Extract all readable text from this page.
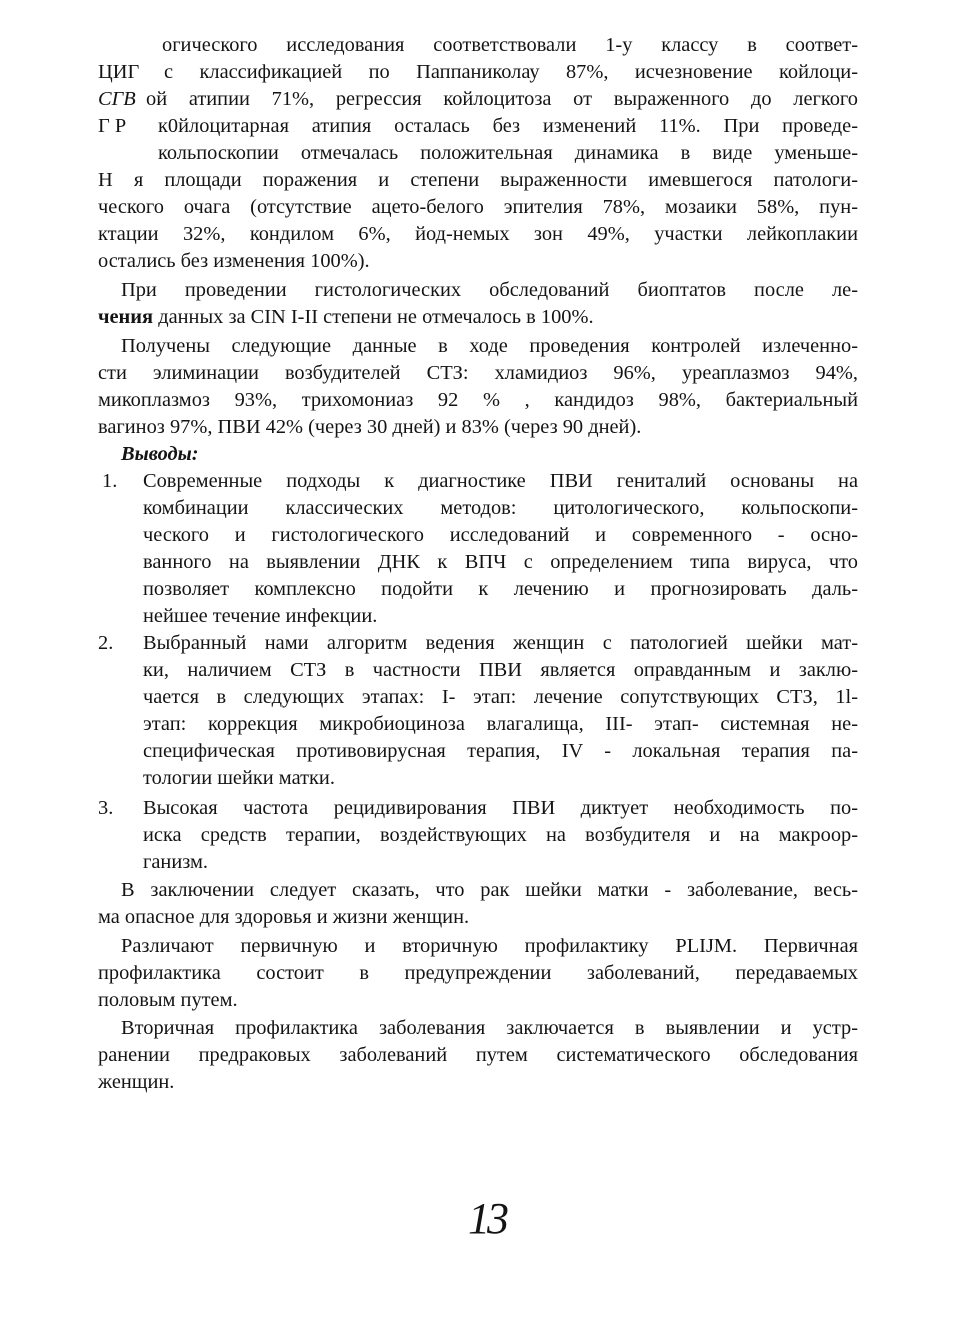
огического исследования соответствовали 1-у классу в соответ-
ЦИГ с классификацией по Паппаниколау 87%, исчезновение койлоци-
СГВ ой атипии 71%, регрессия койлоцитоза от выраженного до легкого
Г Р к0йлоцитарная атипия осталась без изменений 11%. При проведе-
кольпоскопии отмечалась положительная динамика в виде уменьше-
Н я площади поражения и степени выраженности имевшегося патологи-
ческого очага (отсутствие ацето-белого эпителия 78%, мозаики 58%, пун-
ктации 32%, кондилом 6%, йод-немых зон 49%, участки лейкоплакии
остались без изменения 100%).
При проведении гистологических обследований биоптатов после ле-
чения данных за CIN I-II степени не отмечалось в 100%.
Получены следующие данные в ходе проведения контролей излеченно-
сти элиминации возбудителей СТЗ: хламидиоз 96%, уреаплазмоз 94%,
микоплазмоз 93%, трихомониаз 92 % , кандидоз 98%, бактериальный
вагиноз 97%, ПВИ 42% (через 30 дней) и 83% (через 90 дней).
Выводы:
1. Современные подходы к диагностике ПВИ гениталий основаны на
комбинации классических методов: цитологического, кольпоскопи-
ческого и гистологического исследований и современного - осно-
ванного на выявлении ДНК к ВПЧ с определением типа вируса, что
позволяет комплексно подойти к лечению и прогнозировать даль-
нейшее течение инфекции.
2. Выбранный нами алгоритм ведения женщин с патологией шейки мат-
ки, наличием СТЗ в частности ПВИ является оправданным и заклю-
чается в следующих этапах: I- этап: лечение сопутствующих СТЗ, 1l-
этап: коррекция микробиоциноза влагалища, III- этап- системная не-
специфическая противовирусная терапия, IV - локальная терапия па-
тологии шейки матки.
3. Высокая частота рецидивирования ПВИ диктует необходимость по-
иска средств терапии, воздействующих на возбудителя и на макроор-
ганизм.
В заключении следует сказать, что рак шейки матки - заболевание, весь-
ма опасное для здоровья и жизни женщин.
Различают первичную и вторичную профилактику PLIJM. Первичная
профилактика состоит в предупреждении заболеваний, передаваемых
половым путем.
Вторичная профилактика заболевания заключается в выявлении и устр-
ранении предраковых заболеваний путем систематического обследования
женщин.
13
